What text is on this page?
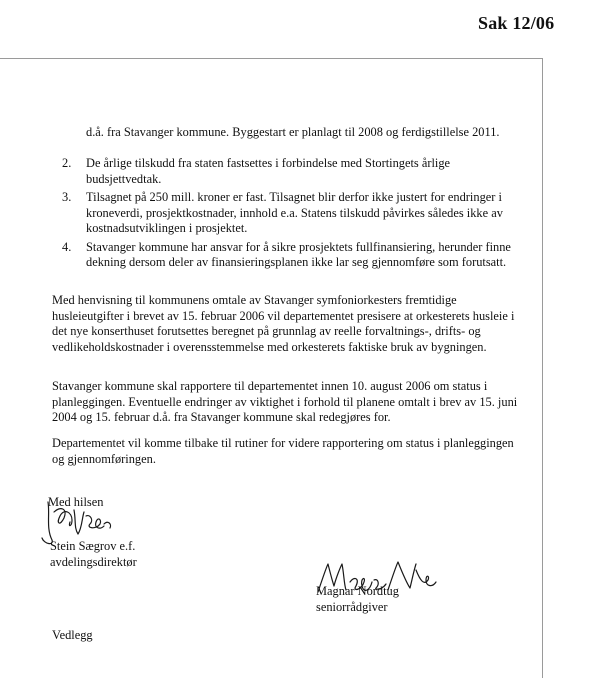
Sak 12/06
d.å. fra Stavanger kommune. Byggestart er planlagt til 2008 og ferdigstillelse 2011.
2.	De årlige tilskudd fra staten fastsettes i forbindelse med Stortingets årlige budsjettvedtak.
3.	Tilsagnet på 250 mill. kroner er fast. Tilsagnet blir derfor ikke justert for endringer i kroneverdi, prosjektkostnader, innhold e.a. Statens tilskudd påvirkes således ikke av kostnadsutviklingen i prosjektet.
4.	Stavanger kommune har ansvar for å sikre prosjektets fullfinansiering, herunder finne dekning dersom deler av finansieringsplanen ikke lar seg gjennomføre som forutsatt.

Med henvisning til kommunens omtale av Stavanger symfoniorkesters fremtidige husleieutgifter i brevet av 15. februar 2006 vil departementet presisere at orkesterets husleie i det nye konserthuset forutsettes beregnet på grunnlag av reelle forvaltnings-, drifts- og vedlikeholdskostnader i overensstemmelse med orkesterets faktiske bruk av bygningen.

Stavanger kommune skal rapportere til departementet innen 10. august 2006 om status i planleggingen. Eventuelle endringer av viktighet i forhold til planene omtalt i brev av 15. juni 2004 og 15. februar d.å. fra Stavanger kommune skal redegjøres for.

Departementet vil komme tilbake til rutiner for videre rapportering om status i planleggingen og gjennomføringen.

Med hilsen
Stein Sægrov e.f.
avdelingsdirektør
Magnar Nordtug
seniorrådgiver
Vedlegg
